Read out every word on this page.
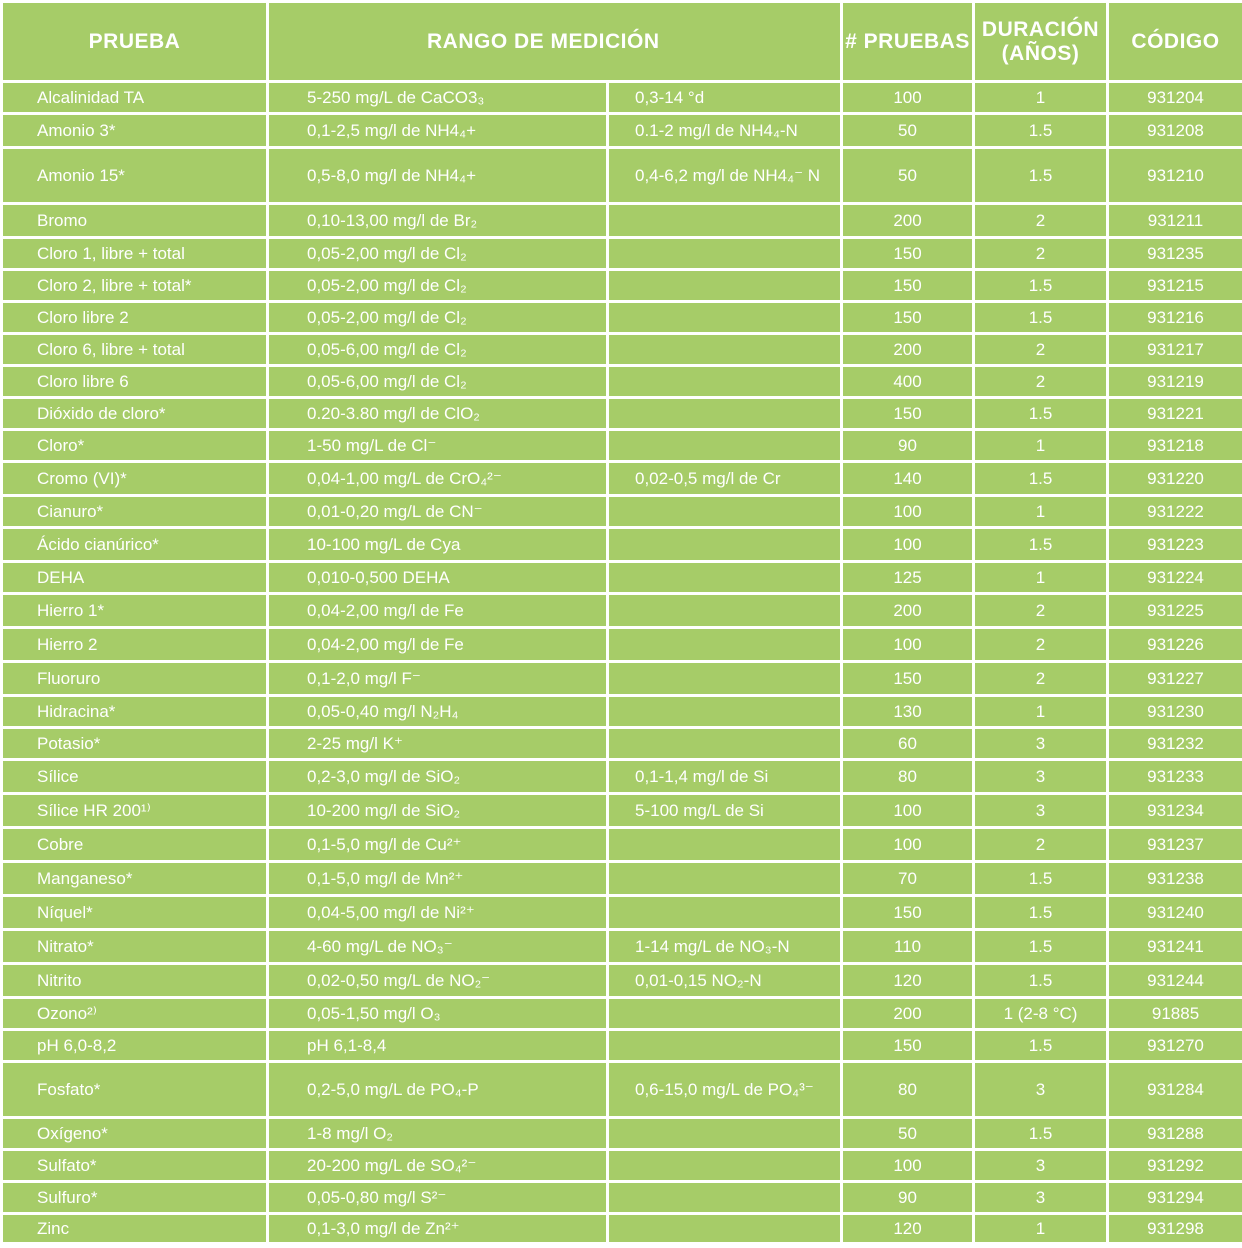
PRUEBA	RANGO DE MEDICIÓN		# PRUEBAS	DURACIÓN (AÑOS)	CÓDIGO
Alcalinidad TA	5-250 mg/L de CaCO3₃	0,3-14 °d	100	1	931204
Amonio 3*	0,1-2,5 mg/l de NH4₄+	0.1-2 mg/l de NH4₄-N	50	1.5	931208
Amonio 15*	0,5-8,0 mg/l de NH4₄+	0,4-6,2 mg/l de NH4₄⁻ N	50	1.5	931210
Bromo	0,10-13,00 mg/l de Br₂		200	2	931211
Cloro 1, libre + total	0,05-2,00 mg/l de Cl₂		150	2	931235
Cloro 2, libre + total*	0,05-2,00 mg/l de Cl₂		150	1.5	931215
Cloro libre 2	0,05-2,00 mg/l de Cl₂		150	1.5	931216
Cloro 6, libre + total	0,05-6,00 mg/l de Cl₂		200	2	931217
Cloro libre 6	0,05-6,00 mg/l de Cl₂		400	2	931219
Dióxido de cloro*	0.20-3.80 mg/l de ClO₂		150	1.5	931221
Cloro*	1-50 mg/L de Cl⁻		90	1	931218
Cromo (VI)*	0,04-1,00 mg/L de CrO₄²⁻	0,02-0,5 mg/l de Cr	140	1.5	931220
Cianuro*	0,01-0,20 mg/L de CN⁻		100	1	931222
Ácido cianúrico*	10-100 mg/L de Cya		100	1.5	931223
DEHA	0,010-0,500 DEHA		125	1	931224
Hierro 1*	0,04-2,00 mg/l de Fe		200	2	931225
Hierro 2	0,04-2,00 mg/l de Fe		100	2	931226
Fluoruro	0,1-2,0 mg/l F⁻		150	2	931227
Hidracina*	0,05-0,40 mg/l N₂H₄		130	1	931230
Potasio*	2-25 mg/l K⁺		60	3	931232
Sílice	0,2-3,0 mg/l de SiO₂	0,1-1,4 mg/l de Si	80	3	931233
Sílice HR 200¹⁾	10-200 mg/l de SiO₂	5-100 mg/L de Si	100	3	931234
Cobre	0,1-5,0 mg/l de Cu²⁺		100	2	931237
Manganeso*	0,1-5,0 mg/l de Mn²⁺		70	1.5	931238
Níquel*	0,04-5,00 mg/l de Ni²⁺		150	1.5	931240
Nitrato*	4-60 mg/L de NO₃⁻	1-14 mg/L de NO₃-N	110	1.5	931241
Nitrito	0,02-0,50 mg/L de NO₂⁻	0,01-0,15 NO₂-N	120	1.5	931244
Ozono²⁾	0,05-1,50 mg/l O₃		200	1 (2-8 °C)	91885
pH 6,0-8,2	pH 6,1-8,4		150	1.5	931270
Fosfato*	0,2-5,0 mg/L de PO₄-P	0,6-15,0 mg/L de PO₄³⁻	80	3	931284
Oxígeno*	1-8 mg/l O₂		50	1.5	931288
Sulfato*	20-200 mg/L de SO₄²⁻		100	3	931292
Sulfuro*	0,05-0,80 mg/l S²⁻		90	3	931294
Zinc	0,1-3,0 mg/l de Zn²⁺		120	1	931298
